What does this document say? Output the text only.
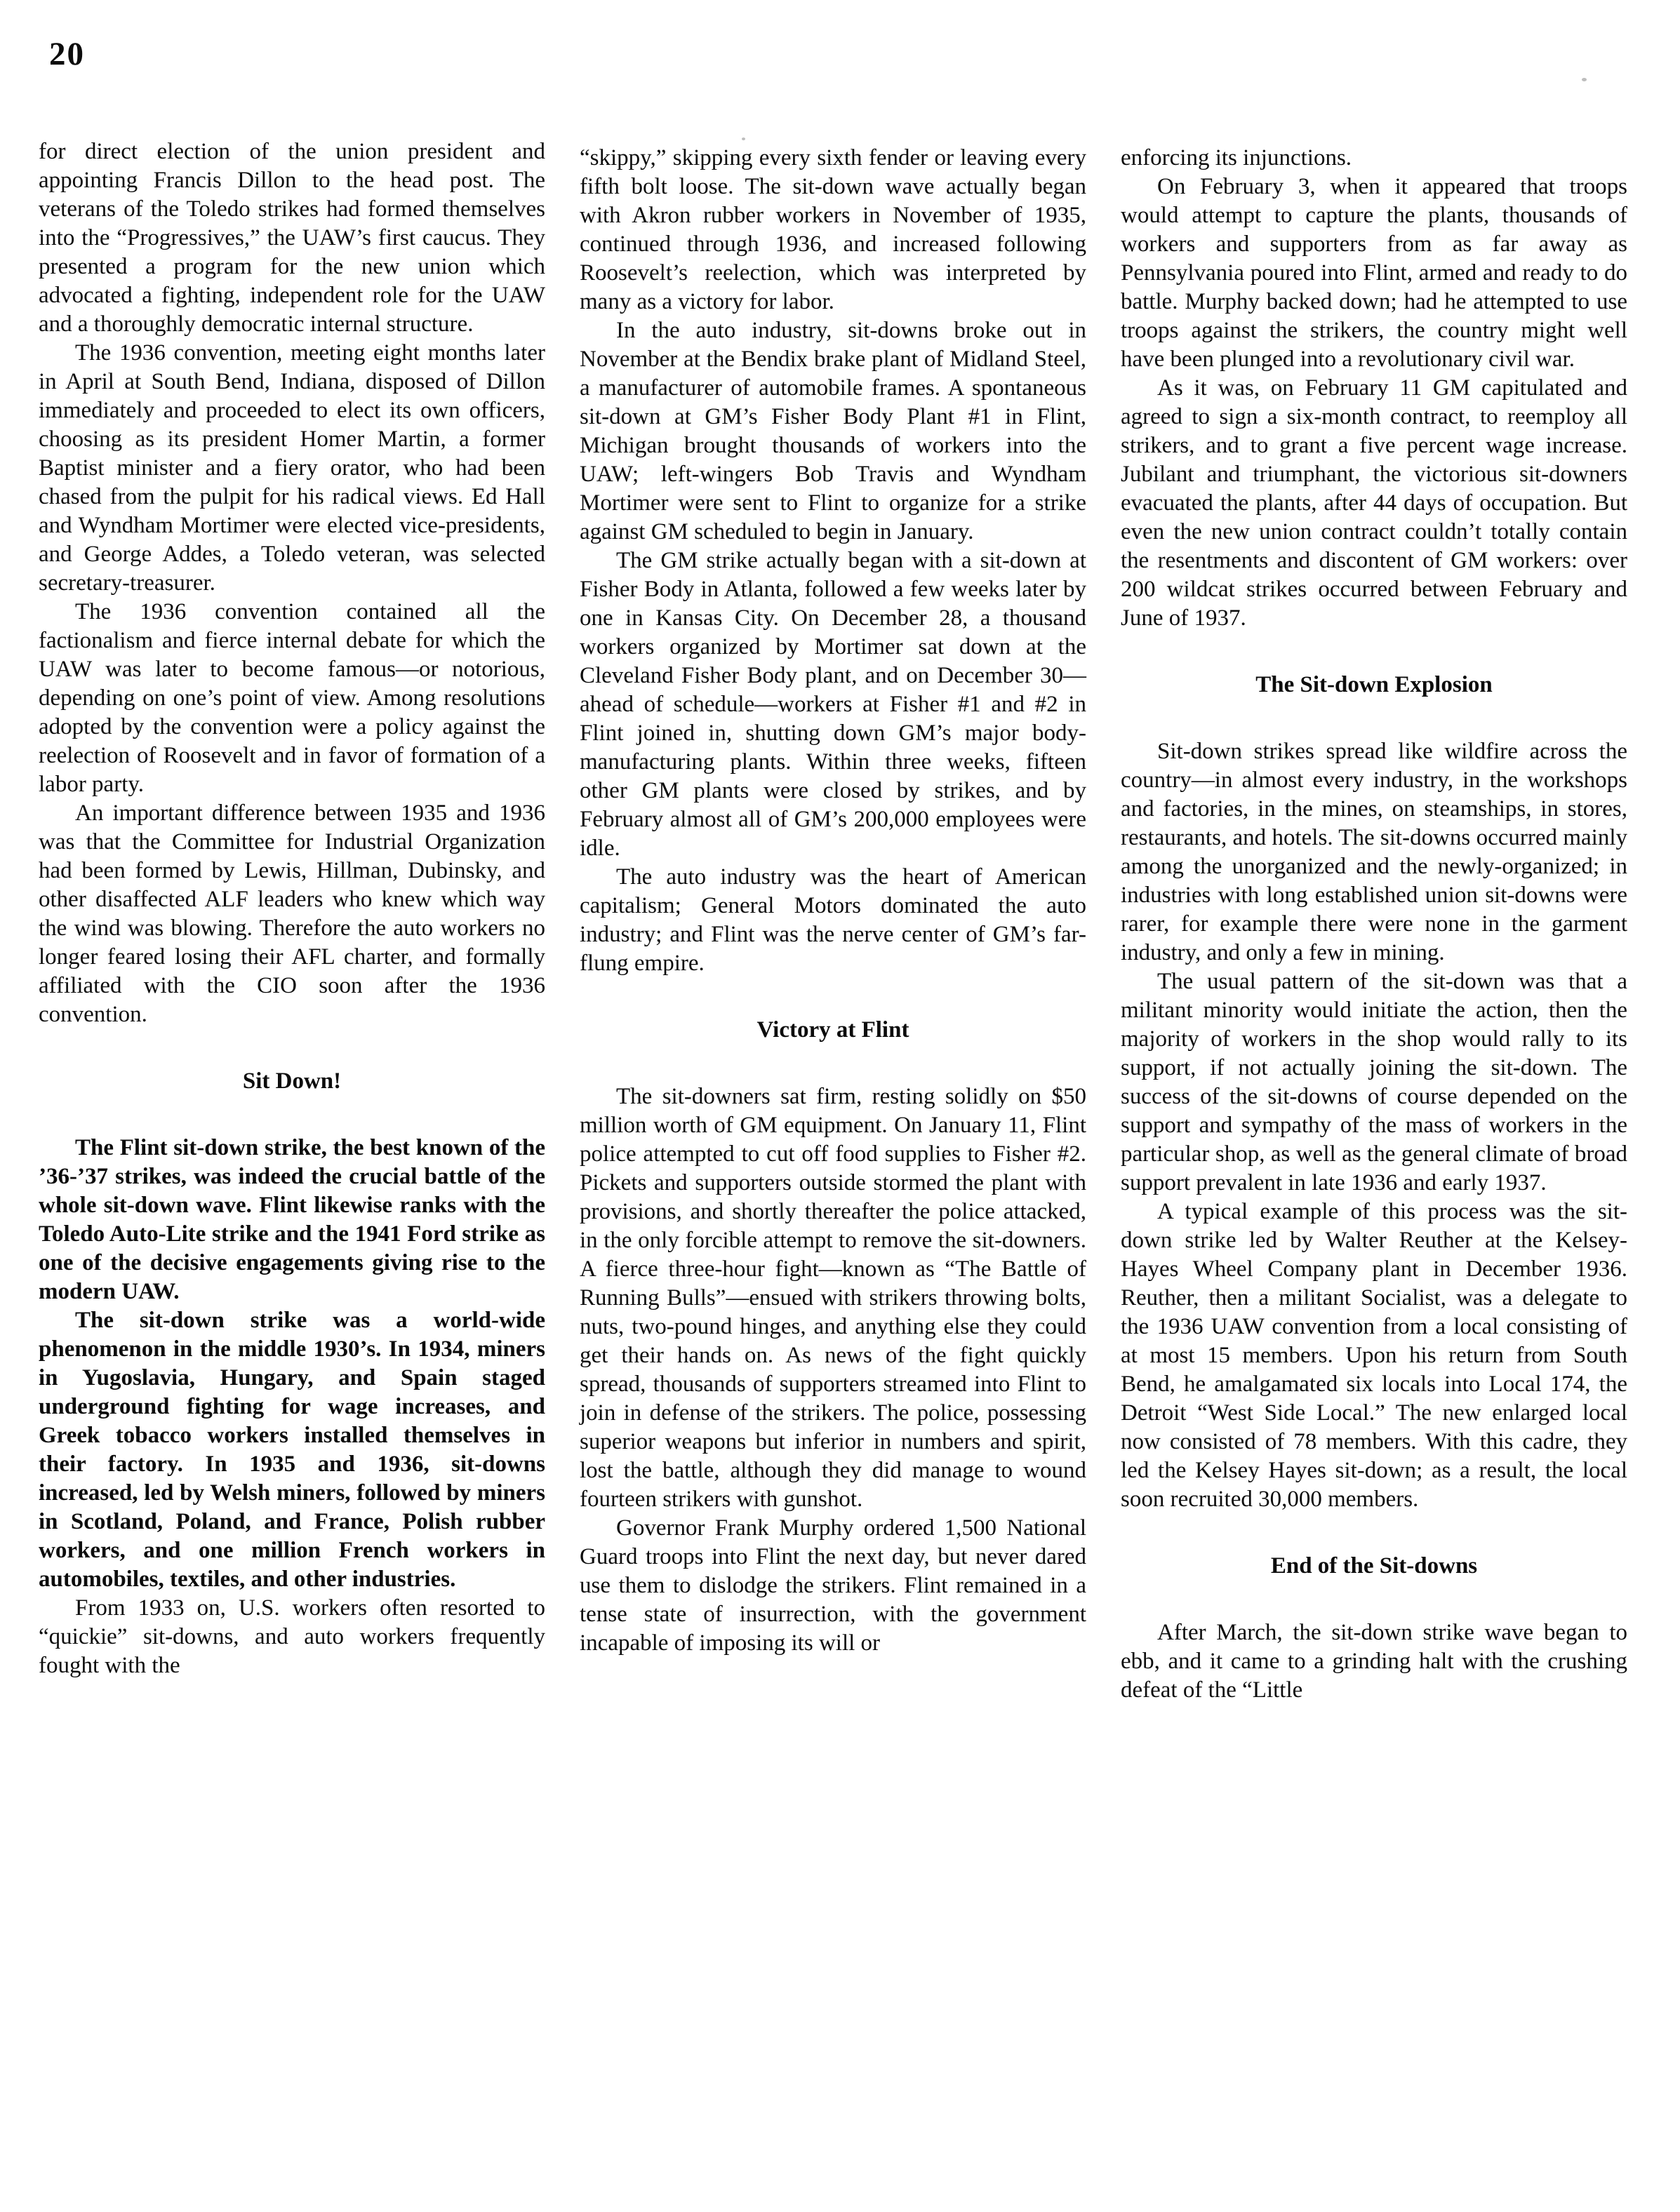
20

for direct election of the union president and appointing Francis Dillon to the head post. The veterans of the Toledo strikes had formed themselves into the “Progressives,” the UAW’s first caucus. They presented a program for the new union which advocated a fighting, independent role for the UAW and a thoroughly democratic internal structure.

The 1936 convention, meeting eight months later in April at South Bend, Indiana, disposed of Dillon immediately and proceeded to elect its own officers, choosing as its president Homer Martin, a former Baptist minister and a fiery orator, who had been chased from the pulpit for his radical views. Ed Hall and Wyndham Mortimer were elected vice-presidents, and George Addes, a Toledo veteran, was selected secretary-treasurer.

The 1936 convention contained all the factionalism and fierce internal debate for which the UAW was later to become famous—or notorious, depending on one’s point of view. Among resolutions adopted by the convention were a policy against the reelection of Roosevelt and in favor of formation of a labor party.

An important difference between 1935 and 1936 was that the Committee for Industrial Organization had been formed by Lewis, Hillman, Dubinsky, and other disaffected ALF leaders who knew which way the wind was blowing. Therefore the auto workers no longer feared losing their AFL charter, and formally affiliated with the CIO soon after the 1936 convention.

Sit Down!

The Flint sit-down strike, the best known of the ’36-’37 strikes, was indeed the crucial battle of the whole sit-down wave. Flint likewise ranks with the Toledo Auto-Lite strike and the 1941 Ford strike as one of the decisive engagements giving rise to the modern UAW.

The sit-down strike was a world-wide phenomenon in the middle 1930’s. In 1934, miners in Yugoslavia, Hungary, and Spain staged underground fighting for wage increases, and Greek tobacco workers installed themselves in their factory. In 1935 and 1936, sit-downs increased, led by Welsh miners, followed by miners in Scotland, Poland, and France, Polish rubber workers, and one million French workers in automobiles, textiles, and other industries.

From 1933 on, U.S. workers often resorted to “quickie” sit-downs, and auto workers frequently fought with the

“skippy,” skipping every sixth fender or leaving every fifth bolt loose. The sit-down wave actually began with Akron rubber workers in November of 1935, continued through 1936, and increased following Roosevelt’s reelection, which was interpreted by many as a victory for labor.

In the auto industry, sit-downs broke out in November at the Bendix brake plant of Midland Steel, a manufacturer of automobile frames. A spontaneous sit-down at GM’s Fisher Body Plant #1 in Flint, Michigan brought thousands of workers into the UAW; left-wingers Bob Travis and Wyndham Mortimer were sent to Flint to organize for a strike against GM scheduled to begin in January.

The GM strike actually began with a sit-down at Fisher Body in Atlanta, followed a few weeks later by one in Kansas City. On December 28, a thousand workers organized by Mortimer sat down at the Cleveland Fisher Body plant, and on December 30—ahead of schedule—workers at Fisher #1 and #2 in Flint joined in, shutting down GM’s major body-manufacturing plants. Within three weeks, fifteen other GM plants were closed by strikes, and by February almost all of GM’s 200,000 employees were idle.

The auto industry was the heart of American capitalism; General Motors dominated the auto industry; and Flint was the nerve center of GM’s far-flung empire.

Victory at Flint

The sit-downers sat firm, resting solidly on $50 million worth of GM equipment. On January 11, Flint police attempted to cut off food supplies to Fisher #2. Pickets and supporters outside stormed the plant with provisions, and shortly thereafter the police attacked, in the only forcible attempt to remove the sit-downers. A fierce three-hour fight—known as “The Battle of Running Bulls”—ensued with strikers throwing bolts, nuts, two-pound hinges, and anything else they could get their hands on. As news of the fight quickly spread, thousands of supporters streamed into Flint to join in defense of the strikers. The police, possessing superior weapons but inferior in numbers and spirit, lost the battle, although they did manage to wound fourteen strikers with gunshot.

Governor Frank Murphy ordered 1,500 National Guard troops into Flint the next day, but never dared use them to dislodge the strikers. Flint remained in a tense state of insurrection, with the government incapable of imposing its will or

enforcing its injunctions.

On February 3, when it appeared that troops would attempt to capture the plants, thousands of workers and supporters from as far away as Pennsylvania poured into Flint, armed and ready to do battle. Murphy backed down; had he attempted to use troops against the strikers, the country might well have been plunged into a revolutionary civil war.

As it was, on February 11 GM capitulated and agreed to sign a six-month contract, to reemploy all strikers, and to grant a five percent wage increase. Jubilant and triumphant, the victorious sit-downers evacuated the plants, after 44 days of occupation. But even the new union contract couldn’t totally contain the resentments and discontent of GM workers: over 200 wildcat strikes occurred between February and June of 1937.

The Sit-down Explosion

Sit-down strikes spread like wildfire across the country—in almost every industry, in the workshops and factories, in the mines, on steamships, in stores, restaurants, and hotels. The sit-downs occurred mainly among the unorganized and the newly-organized; in industries with long established union sit-downs were rarer, for example there were none in the garment industry, and only a few in mining.

The usual pattern of the sit-down was that a militant minority would initiate the action, then the majority of workers in the shop would rally to its support, if not actually joining the sit-down. The success of the sit-downs of course depended on the support and sympathy of the mass of workers in the particular shop, as well as the general climate of broad support prevalent in late 1936 and early 1937.

A typical example of this process was the sit-down strike led by Walter Reuther at the Kelsey-Hayes Wheel Company plant in December 1936. Reuther, then a militant Socialist, was a delegate to the 1936 UAW convention from a local consisting of at most 15 members. Upon his return from South Bend, he amalgamated six locals into Local 174, the Detroit “West Side Local.” The new enlarged local now consisted of 78 members. With this cadre, they led the Kelsey Hayes sit-down; as a result, the local soon recruited 30,000 members.

End of the Sit-downs

After March, the sit-down strike wave began to ebb, and it came to a grinding halt with the crushing defeat of the “Little
